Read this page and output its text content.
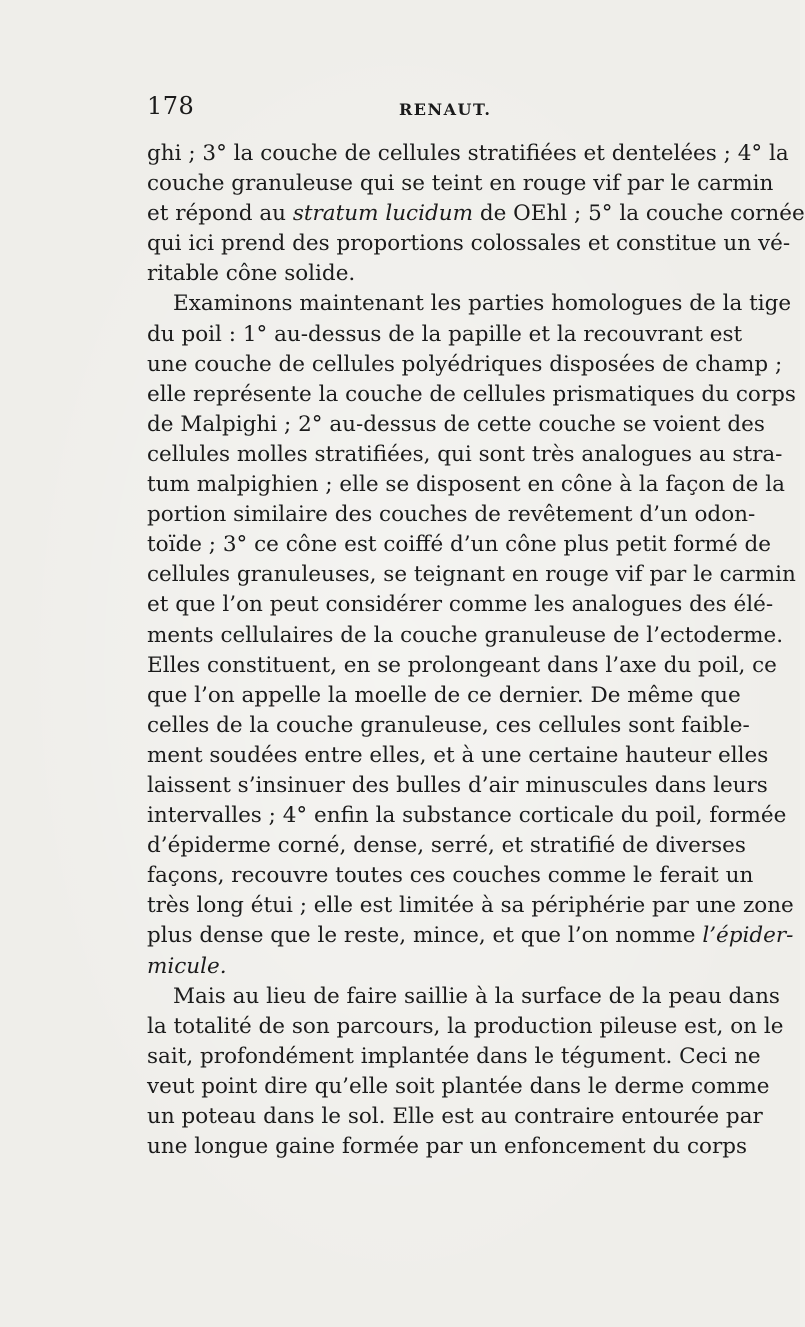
178	RENAUT.
ghi ; 3° la couche de cellules stratifiées et dentelées ; 4° la
couche granuleuse qui se teint en rouge vif par le carmin
et répond au stratum lucidum de OEhl ; 5° la couche cornée
qui ici prend des proportions colossales et constitue un vé-
ritable cône solide.
Examinons maintenant les parties homologues de la tige
du poil : 1° au-dessus de la papille et la recouvrant est
une couche de cellules polyédriques disposées de champ ;
elle représente la couche de cellules prismatiques du corps
de Malpighi ; 2° au-dessus de cette couche se voient des
cellules molles stratifiées, qui sont très analogues au stra-
tum malpighien ; elle se disposent en cône à la façon de la
portion similaire des couches de revêtement d’un odon-
toïde ; 3° ce cône est coiffé d’un cône plus petit formé de
cellules granuleuses, se teignant en rouge vif par le carmin
et que l’on peut considérer comme les analogues des élé-
ments cellulaires de la couche granuleuse de l’ectoderme.
Elles constituent, en se prolongeant dans l’axe du poil, ce
que l’on appelle la moelle de ce dernier. De même que
celles de la couche granuleuse, ces cellules sont faible-
ment soudées entre elles, et à une certaine hauteur elles
laissent s’insinuer des bulles d’air minuscules dans leurs
intervalles ; 4° enfin la substance corticale du poil, formée
d’épiderme corné, dense, serré, et stratifié de diverses
façons, recouvre toutes ces couches comme le ferait un
très long étui ; elle est limitée à sa périphérie par une zone
plus dense que le reste, mince, et que l’on nomme l’épider-
micule.
Mais au lieu de faire saillie à la surface de la peau dans
la totalité de son parcours, la production pileuse est, on le
sait, profondément implantée dans le tégument. Ceci ne
veut point dire qu’elle soit plantée dans le derme comme
un poteau dans le sol. Elle est au contraire entourée par
une longue gaine formée par un enfoncement du corps
